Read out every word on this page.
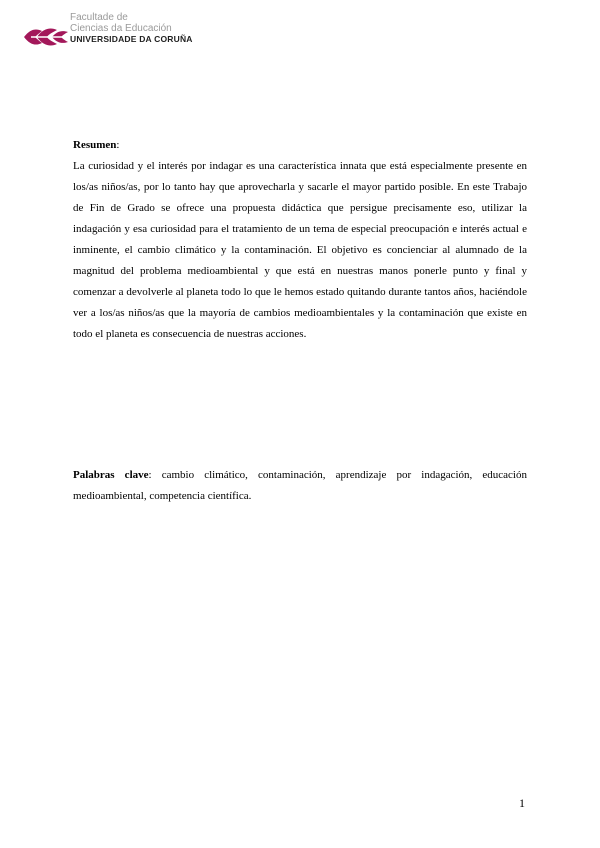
Facultade de
Ciencias da Educación
UNIVERSIDADE DA CORUÑA
Resumen:
La curiosidad y el interés por indagar es una característica innata que está especialmente presente en los/as niños/as, por lo tanto hay que aprovecharla y sacarle el mayor partido posible. En este Trabajo de Fin de Grado se ofrece una propuesta didáctica que persigue precisamente eso, utilizar la indagación y esa curiosidad para el tratamiento de un tema de especial preocupación e interés actual e inminente, el cambio climático y la contaminación. El objetivo es concienciar al alumnado de la magnitud del problema medioambiental y que está en nuestras manos ponerle punto y final y comenzar a devolverle al planeta todo lo que le hemos estado quitando durante tantos años, haciéndole ver a los/as niños/as que la mayoría de cambios medioambientales y la contaminación que existe en todo el planeta es consecuencia de nuestras acciones.
Palabras clave: cambio climático, contaminación, aprendizaje por indagación, educación medioambiental, competencia científica.
1
